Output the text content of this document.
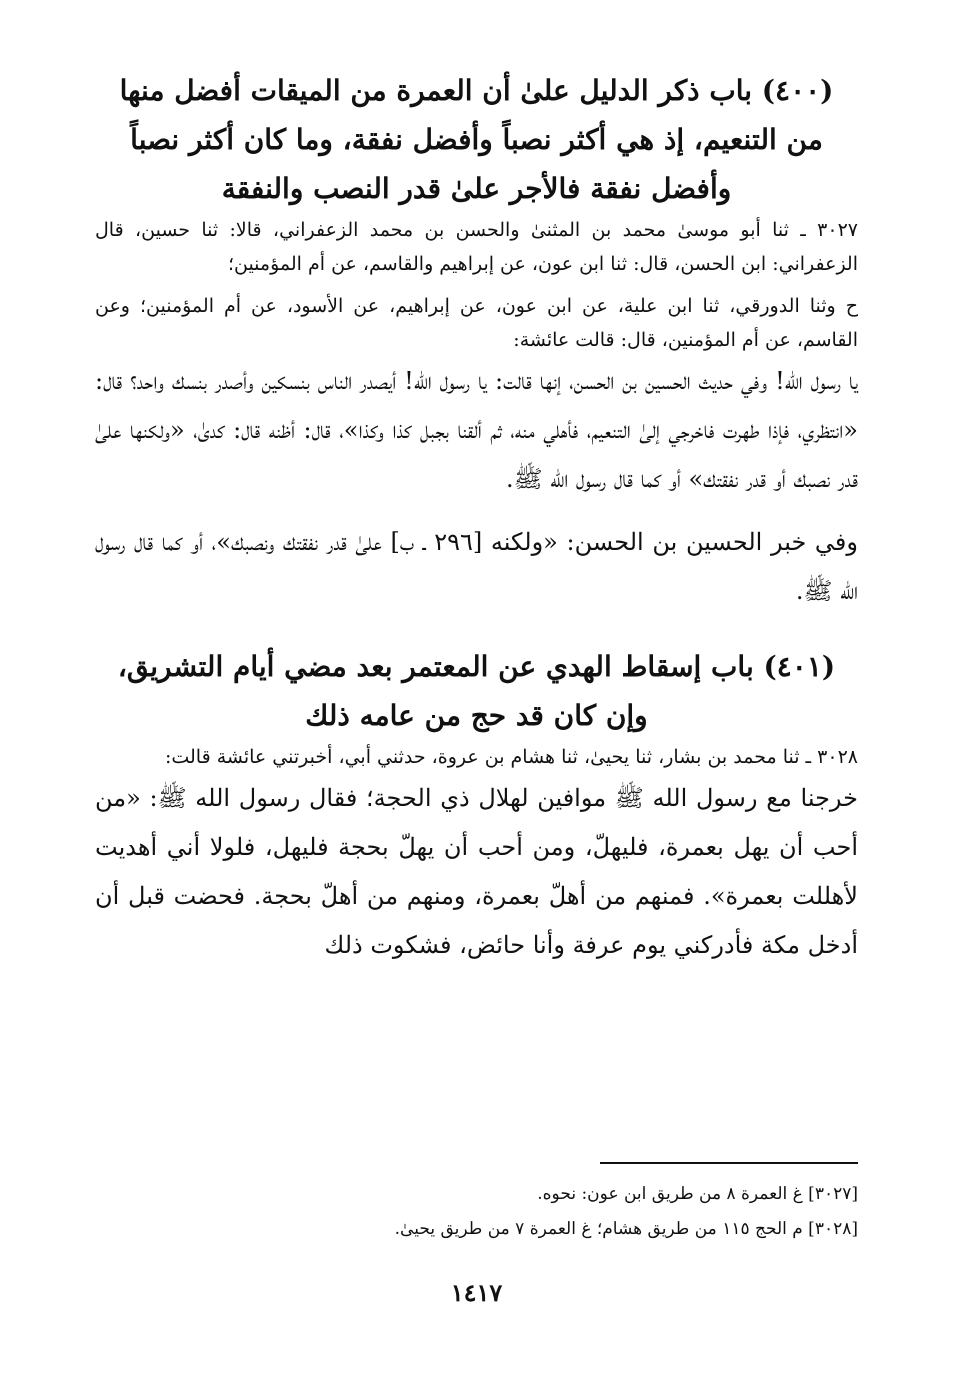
(٤٠٠) باب ذكر الدليل علىٰ أن العمرة من الميقات أفضل منها
من التنعيم، إذ هي أكثر نصباً وأفضل نفقة، وما كان أكثر نصباً
وأفضل نفقة فالأجر علىٰ قدر النصب والنفقة

٣٠٢٧ ـ ثنا أبو موسىٰ محمد بن المثنىٰ والحسن بن محمد الزعفراني، قالا: ثنا حسين، قال الزعفراني: ابن الحسن، قال: ثنا ابن عون، عن إبراهيم والقاسم، عن أم المؤمنين؛

ح وثنا الدورقي، ثنا ابن علية، عن ابن عون، عن إبراهيم، عن الأسود، عن أم المؤمنين؛ وعن القاسم، عن أم المؤمنين، قال: قالت عائشة:

يا رسول الله! وفي حديث الحسين بن الحسن، إنها قالت: يا رسول الله! أيصدر الناس بنسكين وأصدر بنسك واحد؟ قال: «انتظري، فإذا طهرت فاخرجي إلىٰ التنعيم، فأهلي منه، ثم ألقنا بجبل كذا وكذا»، قال: أظنه قال: كدىٰ، «ولكنها علىٰ قدر نصبك أو قدر نفقتك» أو كما قال رسول الله ﷺ.

وفي خبر الحسين بن الحسن: «ولكنه [٢٩٦ ـ ب] علىٰ قدر نفقتك ونصبك»، أو كما قال رسول الله ﷺ.

(٤٠١) باب إسقاط الهدي عن المعتمر بعد مضي أيام التشريق،
وإن كان قد حج من عامه ذلك

٣٠٢٨ ـ ثنا محمد بن بشار، ثنا يحيىٰ، ثنا هشام بن عروة، حدثني أبي، أخبرتني عائشة قالت:

خرجنا مع رسول الله ﷺ موافين لهلال ذي الحجة؛ فقال رسول الله ﷺ: «من أحب أن يهل بعمرة، فليهلّ، ومن أحب أن يهلّ بحجة فليهل، فلولا أني أهديت لأهللت بعمرة». فمنهم من أهلّ بعمرة، ومنهم من أهلّ بحجة. فحضت قبل أن أدخل مكة فأدركني يوم عرفة وأنا حائض، فشكوت ذلك

[٣٠٢٧] غ العمرة ٨ من طريق ابن عون: نحوه.

[٣٠٢٨] م الحج ١١٥ من طريق هشام؛ غ العمرة ٧ من طريق يحيىٰ.

١٤١٧
